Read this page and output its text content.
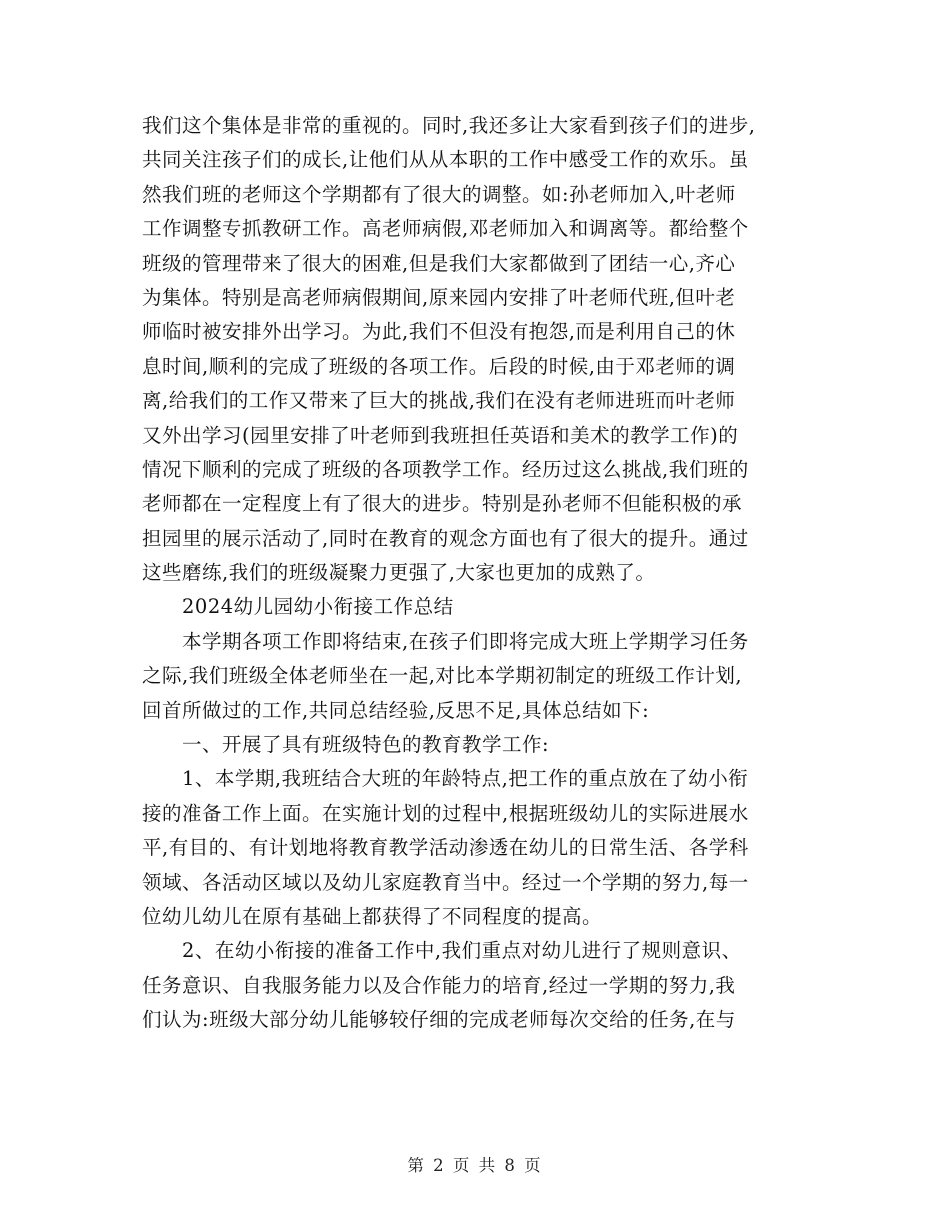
我们这个集体是非常的重视的。同时,我还多让大家看到孩子们的进步,
共同关注孩子们的成长,让他们从从本职的工作中感受工作的欢乐。虽
然我们班的老师这个学期都有了很大的调整。如:孙老师加入,叶老师
工作调整专抓教研工作。高老师病假,邓老师加入和调离等。都给整个
班级的管理带来了很大的困难,但是我们大家都做到了团结一心,齐心
为集体。特别是高老师病假期间,原来园内安排了叶老师代班,但叶老
师临时被安排外出学习。为此,我们不但没有抱怨,而是利用自己的休
息时间,顺利的完成了班级的各项工作。后段的时候,由于邓老师的调
离,给我们的工作又带来了巨大的挑战,我们在没有老师进班而叶老师
又外出学习(园里安排了叶老师到我班担任英语和美术的教学工作)的
情况下顺利的完成了班级的各项教学工作。经历过这么挑战,我们班的
老师都在一定程度上有了很大的进步。特别是孙老师不但能积极的承
担园里的展示活动了,同时在教育的观念方面也有了很大的提升。通过
这些磨练,我们的班级凝聚力更强了,大家也更加的成熟了。
　　2024幼儿园幼小衔接工作总结
　　本学期各项工作即将结束,在孩子们即将完成大班上学期学习任务
之际,我们班级全体老师坐在一起,对比本学期初制定的班级工作计划,
回首所做过的工作,共同总结经验,反思不足,具体总结如下:
　　一、开展了具有班级特色的教育教学工作:
　　1、本学期,我班结合大班的年龄特点,把工作的重点放在了幼小衔
接的准备工作上面。在实施计划的过程中,根据班级幼儿的实际进展水
平,有目的、有计划地将教育教学活动渗透在幼儿的日常生活、各学科
领域、各活动区域以及幼儿家庭教育当中。经过一个学期的努力,每一
位幼儿幼儿在原有基础上都获得了不同程度的提高。
　　2、在幼小衔接的准备工作中,我们重点对幼儿进行了规则意识、
任务意识、自我服务能力以及合作能力的培育,经过一学期的努力,我
们认为:班级大部分幼儿能够较仔细的完成老师每次交给的任务,在与
第 2 页 共 8 页
